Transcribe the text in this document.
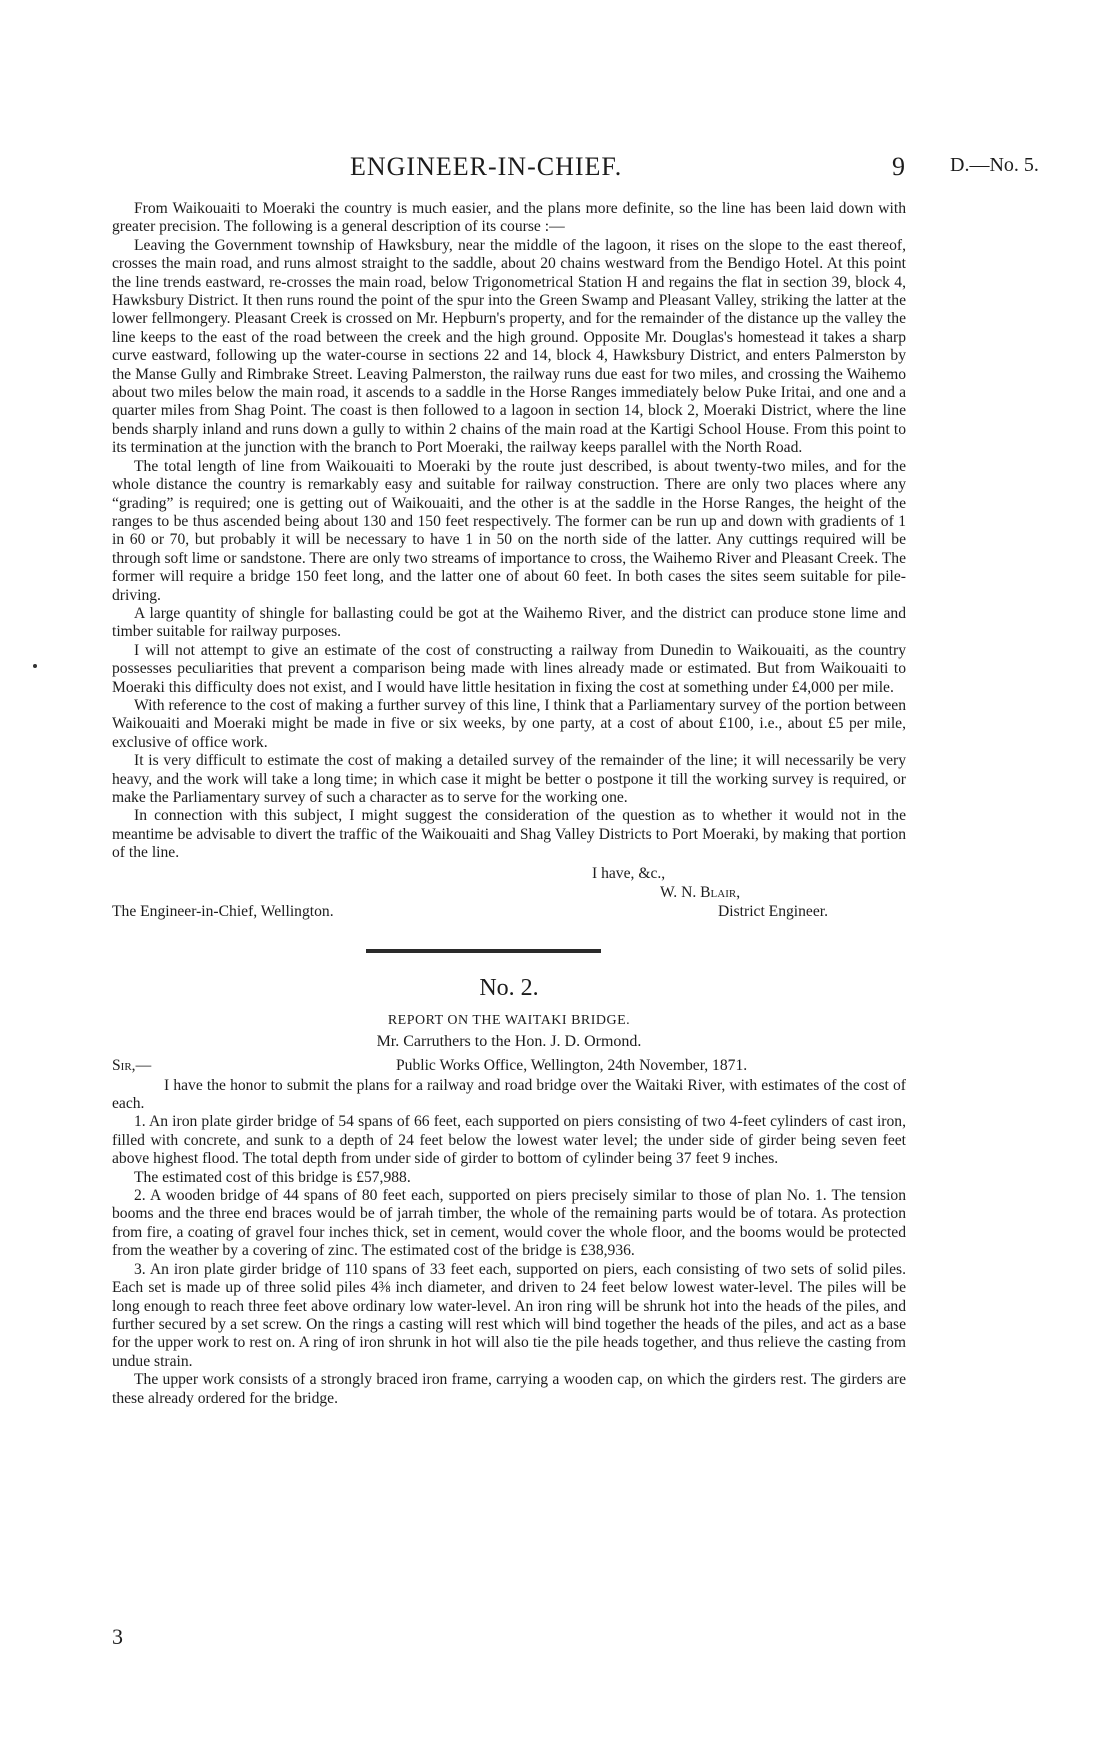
ENGINEER-IN-CHIEF.	9 D.—No. 5.

From Waikouaiti to Moeraki the country is much easier, and the plans more definite, so the line has been laid down with greater precision. The following is a general description of its course :—

Leaving the Government township of Hawksbury, near the middle of the lagoon, it rises on the slope to the east thereof, crosses the main road, and runs almost straight to the saddle, about 20 chains westward from the Bendigo Hotel. At this point the line trends eastward, re-crosses the main road, below Trigonometrical Station H and regains the flat in section 39, block 4, Hawksbury District. It then runs round the point of the spur into the Green Swamp and Pleasant Valley, striking the latter at the lower fellmongery. Pleasant Creek is crossed on Mr. Hepburn's property, and for the remainder of the distance up the valley the line keeps to the east of the road between the creek and the high ground. Opposite Mr. Douglas's homestead it takes a sharp curve eastward, following up the water-course in sections 22 and 14, block 4, Hawksbury District, and enters Palmerston by the Manse Gully and Rimbrake Street. Leaving Palmerston, the railway runs due east for two miles, and crossing the Waihemo about two miles below the main road, it ascends to a saddle in the Horse Ranges immediately below Puke Iritai, and one and a quarter miles from Shag Point. The coast is then followed to a lagoon in section 14, block 2, Moeraki District, where the line bends sharply inland and runs down a gully to within 2 chains of the main road at the Kartigi School House. From this point to its termination at the junction with the branch to Port Moeraki, the railway keeps parallel with the North Road.

The total length of line from Waikouaiti to Moeraki by the route just described, is about twenty-two miles, and for the whole distance the country is remarkably easy and suitable for railway construction. There are only two places where any “grading” is required; one is getting out of Waikouaiti, and the other is at the saddle in the Horse Ranges, the height of the ranges to be thus ascended being about 130 and 150 feet respectively. The former can be run up and down with gradients of 1 in 60 or 70, but probably it will be necessary to have 1 in 50 on the north side of the latter. Any cuttings required will be through soft lime or sandstone. There are only two streams of importance to cross, the Waihemo River and Pleasant Creek. The former will require a bridge 150 feet long, and the latter one of about 60 feet. In both cases the sites seem suitable for pile-driving.

A large quantity of shingle for ballasting could be got at the Waihemo River, and the district can produce stone lime and timber suitable for railway purposes.

I will not attempt to give an estimate of the cost of constructing a railway from Dunedin to Waikouaiti, as the country possesses peculiarities that prevent a comparison being made with lines already made or estimated. But from Waikouaiti to Moeraki this difficulty does not exist, and I would have little hesitation in fixing the cost at something under £4,000 per mile.

With reference to the cost of making a further survey of this line, I think that a Parliamentary survey of the portion between Waikouaiti and Moeraki might be made in five or six weeks, by one party, at a cost of about £100, i.e., about £5 per mile, exclusive of office work.

It is very difficult to estimate the cost of making a detailed survey of the remainder of the line; it will necessarily be very heavy, and the work will take a long time; in which case it might be better o postpone it till the working survey is required, or make the Parliamentary survey of such a character as to serve for the working one.

In connection with this subject, I might suggest the consideration of the question as to whether it would not in the meantime be advisable to divert the traffic of the Waikouaiti and Shag Valley Districts to Port Moeraki, by making that portion of the line.

I have, &c.,
W. N. Blair,
The Engineer-in-Chief, Wellington.	District Engineer.
No. 2.
REPORT ON THE WAITAKI BRIDGE.
Mr. Carruthers to the Hon. J. D. Ormond.
Sir,—	Public Works Office, Wellington, 24th November, 1871.

I have the honor to submit the plans for a railway and road bridge over the Waitaki River, with estimates of the cost of each.

1. An iron plate girder bridge of 54 spans of 66 feet, each supported on piers consisting of two 4-feet cylinders of cast iron, filled with concrete, and sunk to a depth of 24 feet below the lowest water level; the under side of girder being seven feet above highest flood. The total depth from under side of girder to bottom of cylinder being 37 feet 9 inches.

The estimated cost of this bridge is £57,988.

2. A wooden bridge of 44 spans of 80 feet each, supported on piers precisely similar to those of plan No. 1. The tension booms and the three end braces would be of jarrah timber, the whole of the remaining parts would be of totara. As protection from fire, a coating of gravel four inches thick, set in cement, would cover the whole floor, and the booms would be protected from the weather by a covering of zinc. The estimated cost of the bridge is £38,936.

3. An iron plate girder bridge of 110 spans of 33 feet each, supported on piers, each consisting of two sets of solid piles. Each set is made up of three solid piles 4⅜ inch diameter, and driven to 24 feet below lowest water-level. The piles will be long enough to reach three feet above ordinary low water-level. An iron ring will be shrunk hot into the heads of the piles, and further secured by a set screw. On the rings a casting will rest which will bind together the heads of the piles, and act as a base for the upper work to rest on. A ring of iron shrunk in hot will also tie the pile heads together, and thus relieve the casting from undue strain.

The upper work consists of a strongly braced iron frame, carrying a wooden cap, on which the girders rest. The girders are these already ordered for the bridge.

3
